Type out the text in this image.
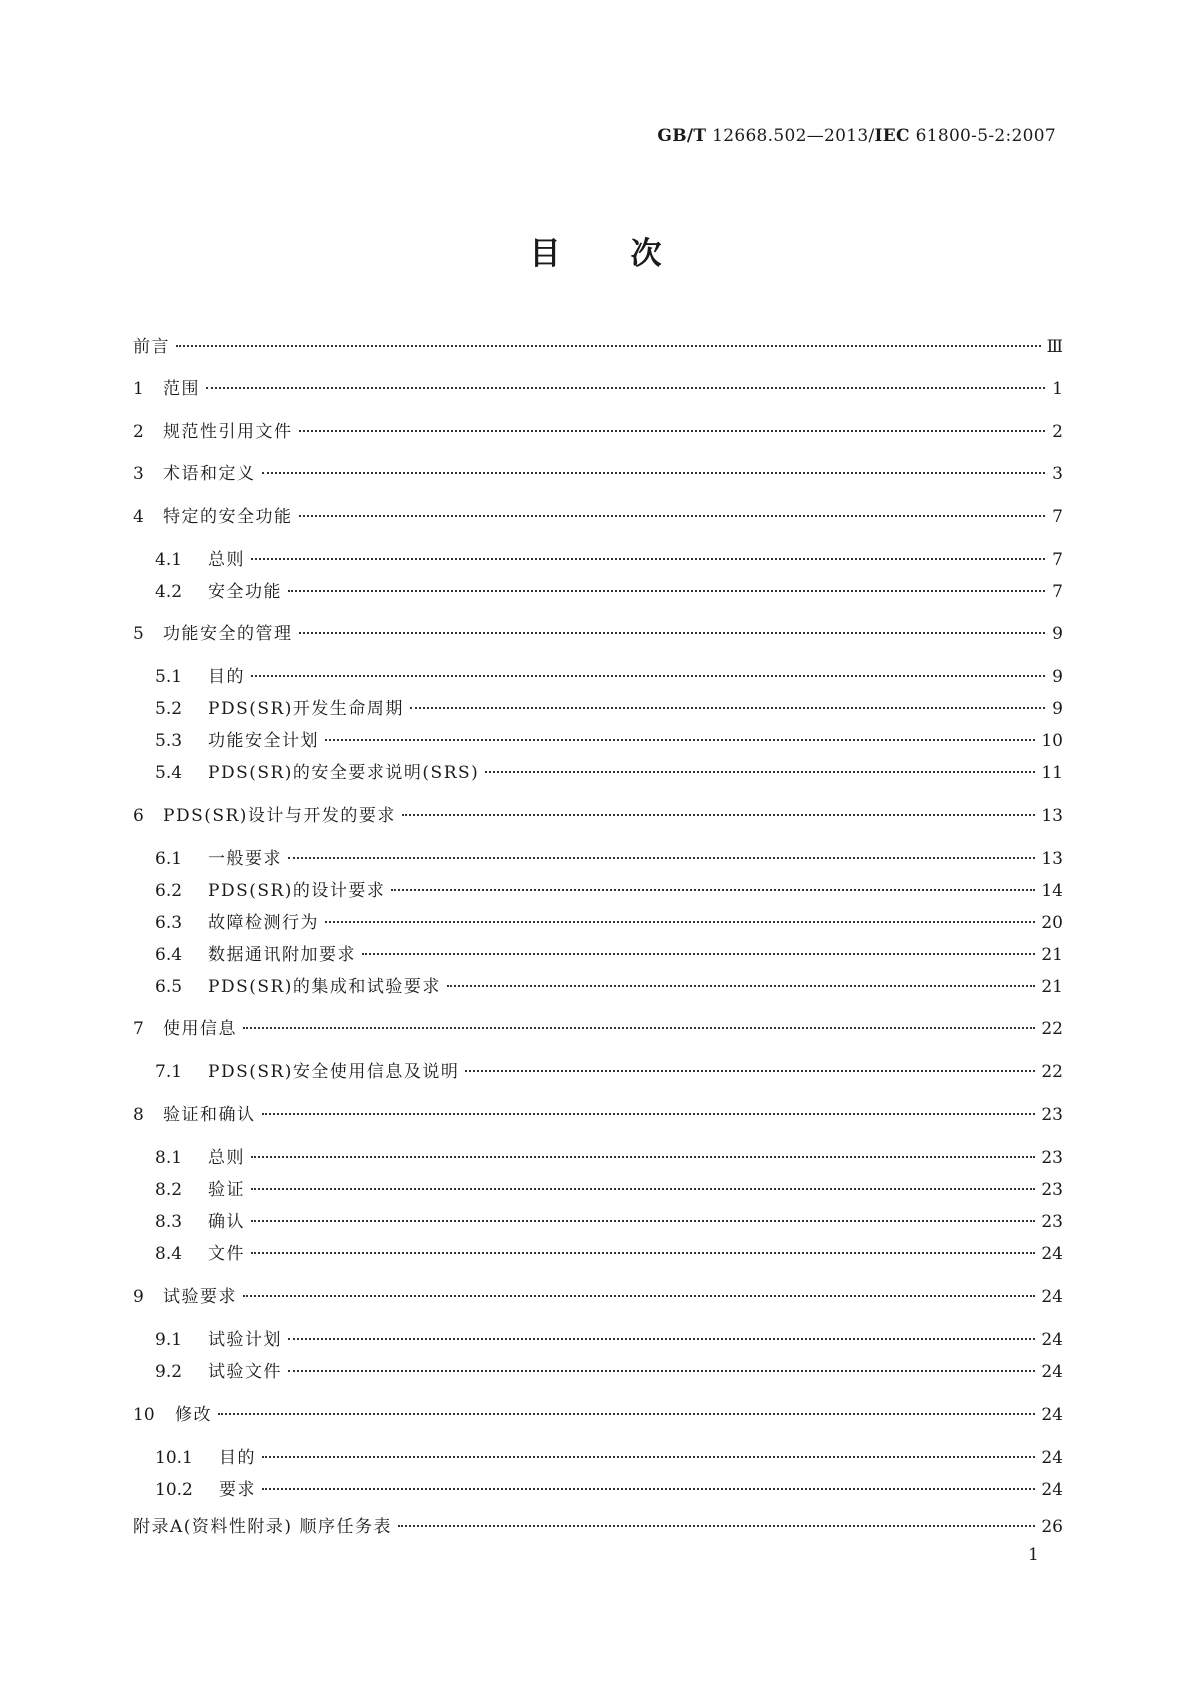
GB/T 12668.502—2013/IEC 61800-5-2:2007
目次
前言	Ⅲ
1	范围	1
2	规范性引用文件	2
3	术语和定义	3
4	特定的安全功能	7
4.1	总则	7
4.2	安全功能	7
5	功能安全的管理	9
5.1	目的	9
5.2	PDS(SR)开发生命周期	9
5.3	功能安全计划	10
5.4	PDS(SR)的安全要求说明(SRS)	11
6	PDS(SR)设计与开发的要求	13
6.1	一般要求	13
6.2	PDS(SR)的设计要求	14
6.3	故障检测行为	20
6.4	数据通讯附加要求	21
6.5	PDS(SR)的集成和试验要求	21
7	使用信息	22
7.1	PDS(SR)安全使用信息及说明	22
8	验证和确认	23
8.1	总则	23
8.2	验证	23
8.3	确认	23
8.4	文件	24
9	试验要求	24
9.1	试验计划	24
9.2	试验文件	24
10	修改	24
10.1	目的	24
10.2	要求	24
附录A(资料性附录) 顺序任务表	26
1
